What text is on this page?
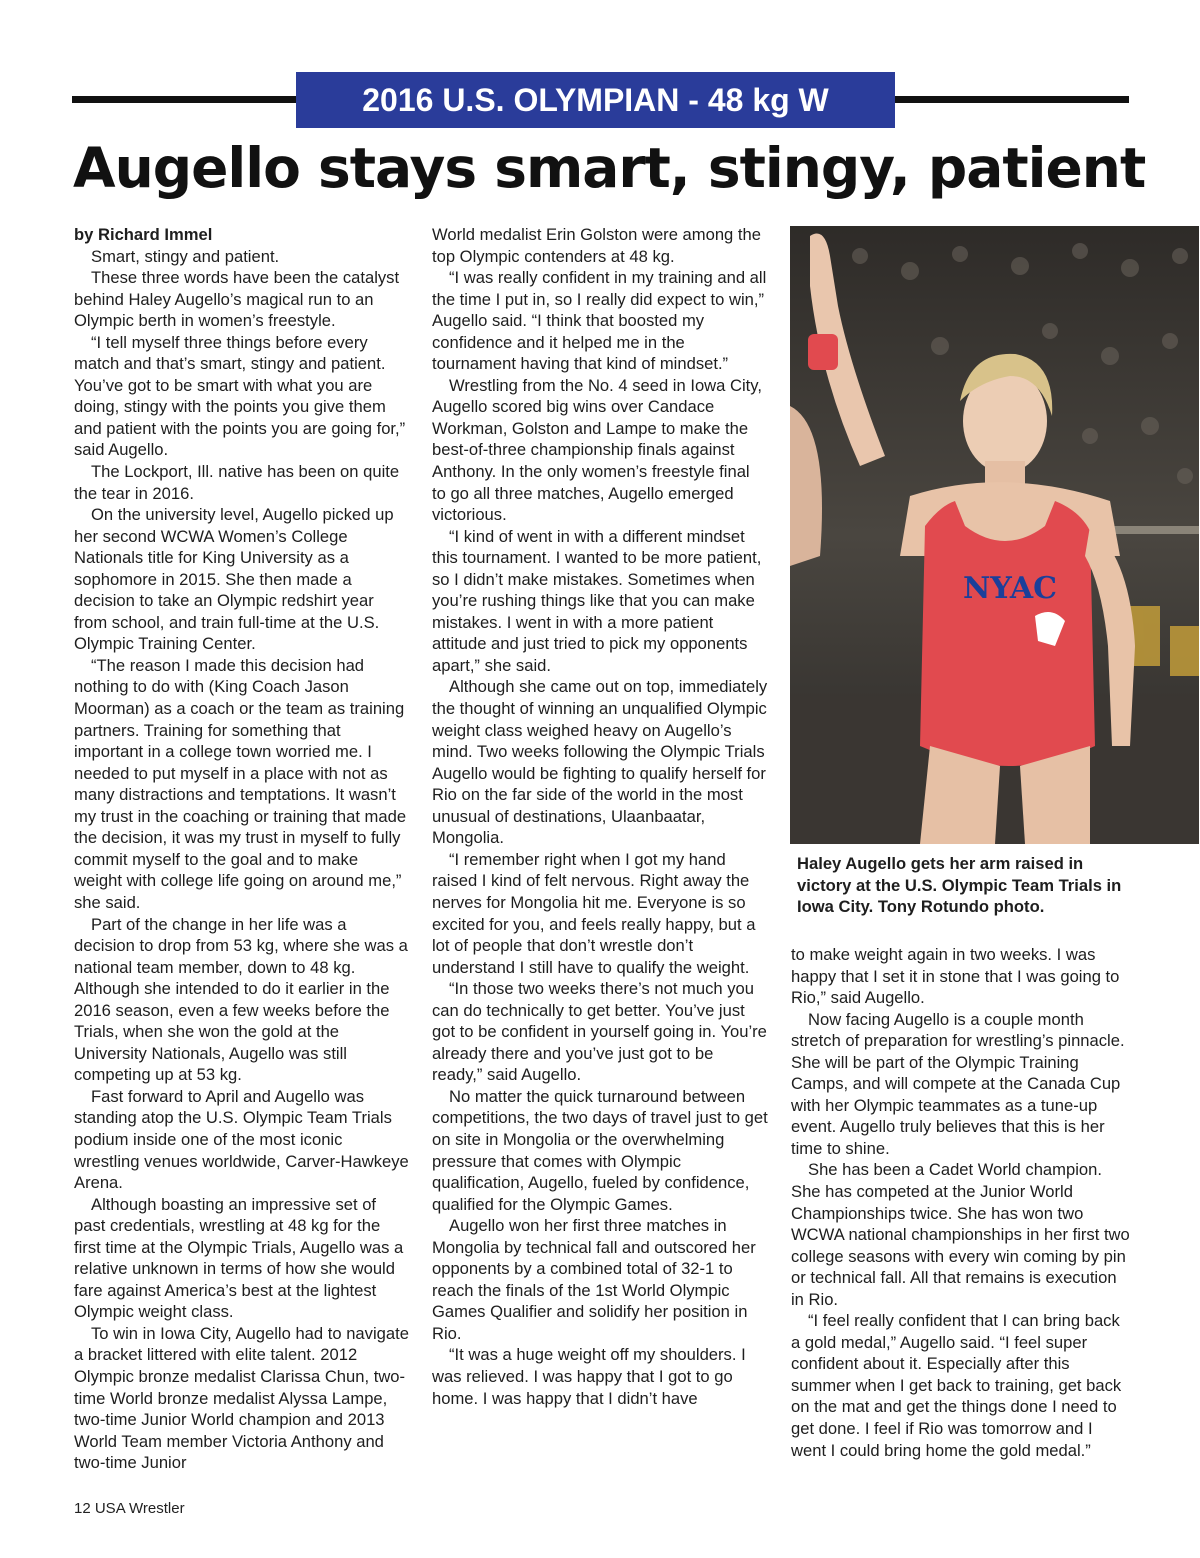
2016 U.S. OLYMPIAN - 48 kg W
Augello stays smart, stingy, patient

by Richard Immel

Smart, stingy and patient.

These three words have been the catalyst behind Haley Augello’s magical run to an Olympic berth in women’s freestyle.

“I tell myself three things before every match and that’s smart, stingy and patient. You’ve got to be smart with what you are doing, stingy with the points you give them and patient with the points you are going for,” said Augello.

The Lockport, Ill. native has been on quite the tear in 2016.

On the university level, Augello picked up her second WCWA Women’s College Nationals title for King University as a sophomore in 2015. She then made a decision to take an Olympic redshirt year from school, and train full-time at the U.S. Olympic Training Center.

“The reason I made this decision had nothing to do with (King Coach Jason Moorman) as a coach or the team as training partners. Training for something that important in a college town worried me. I needed to put myself in a place with not as many distractions and temptations. It wasn’t my trust in the coaching or training that made the decision, it was my trust in myself to fully commit myself to the goal and to make weight with college life going on around me,” she said.

Part of the change in her life was a decision to drop from 53 kg, where she was a national team member, down to 48 kg. Although she intended to do it earlier in the 2016 season, even a few weeks before the Trials, when she won the gold at the University Nationals, Augello was still competing up at 53 kg.

Fast forward to April and Augello was standing atop the U.S. Olympic Team Trials podium inside one of the most iconic wrestling venues worldwide, Carver-Hawkeye Arena.

Although boasting an impressive set of past credentials, wrestling at 48 kg for the first time at the Olympic Trials, Augello was a relative unknown in terms of how she would fare against America’s best at the lightest Olympic weight class.

To win in Iowa City, Augello had to navigate a bracket littered with elite talent. 2012 Olympic bronze medalist Clarissa Chun, two-time World bronze medalist Alyssa Lampe, two-time Junior World champion and 2013 World Team member Victoria Anthony and two-time Junior

World medalist Erin Golston were among the top Olympic contenders at 48 kg.

“I was really confident in my training and all the time I put in, so I really did expect to win,” Augello said. “I think that boosted my confidence and it helped me in the tournament having that kind of mindset.”

Wrestling from the No. 4 seed in Iowa City, Augello scored big wins over Candace Workman, Golston and Lampe to make the best-of-three championship finals against Anthony. In the only women’s freestyle final to go all three matches, Augello emerged victorious.

“I kind of went in with a different mindset this tournament. I wanted to be more patient, so I didn’t make mistakes. Sometimes when you’re rushing things like that you can make mistakes. I went in with a more patient attitude and just tried to pick my opponents apart,” she said.

Although she came out on top, immediately the thought of winning an unqualified Olympic weight class weighed heavy on Augello’s mind. Two weeks following the Olympic Trials Augello would be fighting to qualify herself for Rio on the far side of the world in the most unusual of destinations, Ulaanbaatar, Mongolia.

“I remember right when I got my hand raised I kind of felt nervous. Right away the nerves for Mongolia hit me. Everyone is so excited for you, and feels really happy, but a lot of people that don’t wrestle don’t understand I still have to qualify the weight.

“In those two weeks there’s not much you can do technically to get better. You’ve just got to be confident in yourself going in. You’re already there and you’ve just got to be ready,” said Augello.

No matter the quick turnaround between competitions, the two days of travel just to get on site in Mongolia or the overwhelming pressure that comes with Olympic qualification, Augello, fueled by confidence, qualified for the Olympic Games.

Augello won her first three matches in Mongolia by technical fall and outscored her opponents by a combined total of 32-1 to reach the finals of the 1st World Olympic Games Qualifier and solidify her position in Rio.

“It was a huge weight off my shoulders. I was relieved. I was happy that I got to go home. I was happy that I didn’t have

NYAC
Haley Augello gets her arm raised in victory at the U.S. Olympic Team Trials in Iowa City. Tony Rotundo photo.

to make weight again in two weeks. I was happy that I set it in stone that I was going to Rio,” said Augello.

Now facing Augello is a couple month stretch of preparation for wrestling’s pinnacle. She will be part of the Olympic Training Camps, and will compete at the Canada Cup with her Olympic teammates as a tune-up event. Augello truly believes that this is her time to shine.

She has been a Cadet World champion. She has competed at the Junior World Championships twice. She has won two WCWA national championships in her first two college seasons with every win coming by pin or technical fall. All that remains is execution in Rio.

“I feel really confident that I can bring back a gold medal,” Augello said. “I feel super confident about it. Especially after this summer when I get back to training, get back on the mat and get the things done I need to get done. I feel if Rio was tomorrow and I went I could bring home the gold medal.”

12 USA Wrestler
